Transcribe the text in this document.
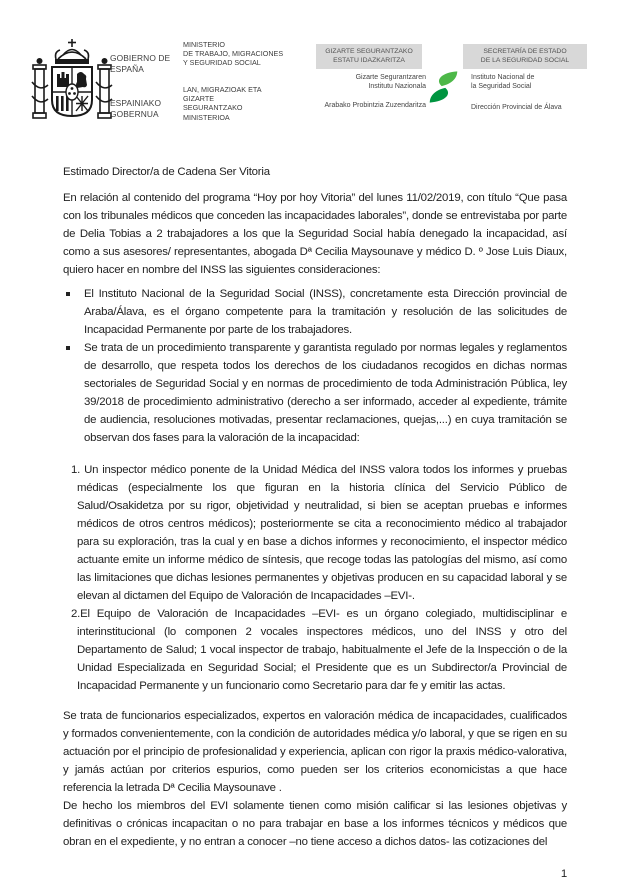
GOBIERNO DE
ESPAÑA
ESPAINIAKO
GOBERNUA
MINISTERIO
DE TRABAJO, MIGRACIONES
Y SEGURIDAD SOCIAL
LAN, MIGRAZIOAK ETA
GIZARTE
SEGURANTZAKO
MINISTERIOA
GIZARTE SEGURANTZAKO
ESTATU IDAZKARITZA
SECRETARÍA DE ESTADO
DE LA SEGURIDAD SOCIAL
Gizarte Segurantzaren
Institutu Nazionala
Arabako Probintzia Zuzendaritza
Instituto Nacional de
la Seguridad Social
Dirección Provincial de Álava

Estimado Director/a de Cadena Ser Vitoria

En relación al contenido del programa “Hoy por hoy Vitoria” del lunes 11/02/2019, con título “Que pasa con los tribunales médicos que conceden las incapacidades laborales”, donde se entrevistaba por parte de Delia Tobias a 2 trabajadores a los que la Seguridad Social había denegado la incapacidad, así como a sus asesores/ representantes, abogada Dª Cecilia Maysounave y médico D. º Jose Luis Diaux, quiero hacer en nombre del INSS las siguientes consideraciones:

El Instituto Nacional de la Seguridad Social (INSS), concretamente esta Dirección provincial de Araba/Álava, es el órgano competente para la tramitación y resolución de las solicitudes de Incapacidad Permanente por parte de los trabajadores.
Se trata de un procedimiento transparente y garantista regulado por normas legales y reglamentos de desarrollo, que respeta todos los derechos de los ciudadanos recogidos en dichas normas sectoriales de Seguridad Social y en normas de procedimiento de toda Administración Pública, ley 39/2018 de procedimiento administrativo (derecho a ser informado, acceder al expediente, trámite de audiencia, resoluciones motivadas, presentar reclamaciones, quejas,...) en cuya tramitación se observan dos fases para la valoración de la incapacidad:

1. Un inspector médico ponente de la Unidad Médica del INSS valora todos los informes y pruebas médicas (especialmente los que figuran en la historia clínica del Servicio Público de Salud/Osakidetza por su rigor, objetividad y neutralidad, si bien se aceptan pruebas e informes médicos de otros centros médicos); posteriormente se cita a reconocimiento médico al trabajador para su exploración, tras la cual y en base a dichos informes y reconocimiento, el inspector médico actuante emite un informe médico de síntesis, que recoge todas las patologías del mismo, así como las limitaciones que dichas lesiones permanentes y objetivas producen en su capacidad laboral y se elevan al dictamen del Equipo de Valoración de Incapacidades –EVI-.

2.El Equipo de Valoración de Incapacidades –EVI- es un órgano colegiado, multidisciplinar e interinstitucional (lo componen 2 vocales inspectores médicos, uno del INSS y otro del Departamento de Salud; 1 vocal inspector de trabajo, habitualmente el Jefe de la Inspección o de la Unidad Especializada en Seguridad Social; el Presidente que es un Subdirector/a Provincial de Incapacidad Permanente y un funcionario como Secretario para dar fe y emitir las actas.

Se trata de funcionarios especializados, expertos en valoración médica de incapacidades, cualificados y formados convenientemente, con la condición de autoridades médica y/o laboral, y que se rigen en su actuación por el principio de profesionalidad y experiencia, aplican con rigor la praxis médico-valorativa, y jamás actúan por criterios espurios, como pueden ser los criterios economicistas a que hace referencia la letrada Dª Cecilia Maysounave .

De hecho los miembros del EVI solamente tienen como misión calificar si las lesiones objetivas y definitivas o crónicas incapacitan o no para trabajar en base a los informes técnicos y médicos que obran en el expediente, y no entran a conocer –no tiene acceso a dichos datos- las cotizaciones del

1
